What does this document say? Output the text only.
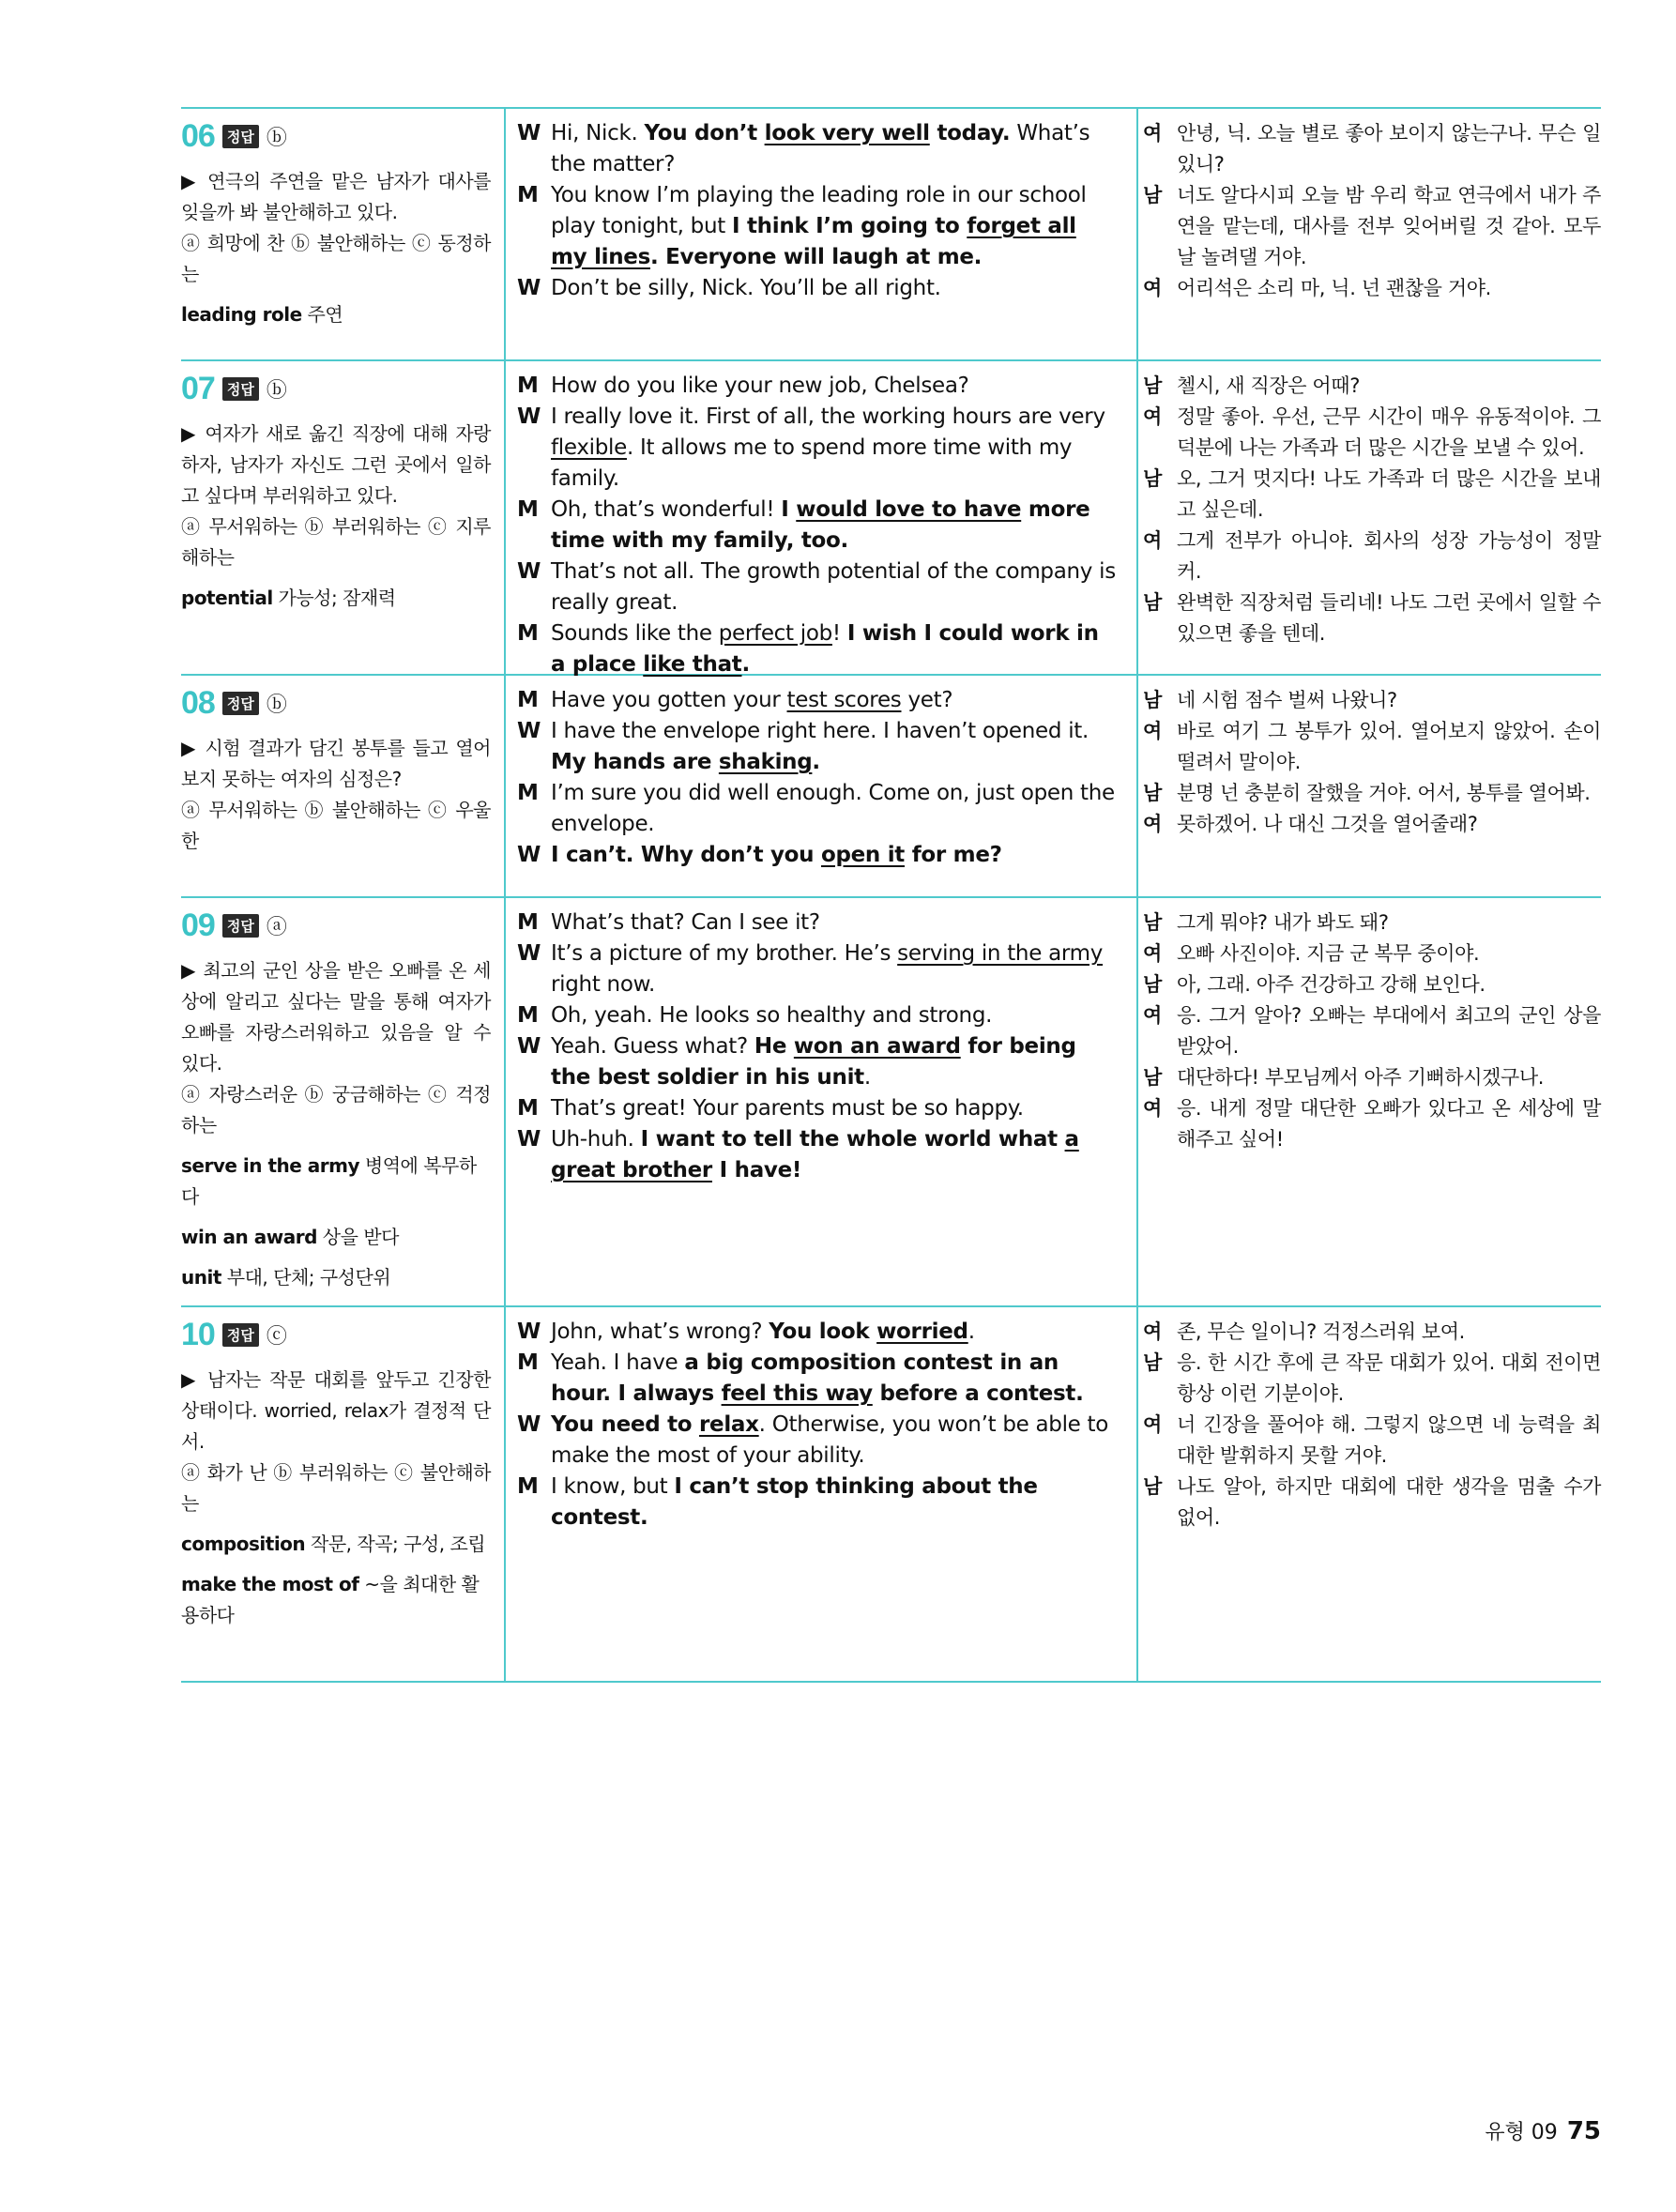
06 정답 ⓑ
▶ 연극의 주연을 맡은 남자가 대사를 잊을까 봐 불안해하고 있다.
ⓐ 희망에 찬 ⓑ 불안해하는 ⓒ 동정하는
leading role 주연
W Hi, Nick. You don’t look very well today. What’s the matter?
M You know I’m playing the leading role in our school play tonight, but I think I’m going to forget all my lines. Everyone will laugh at me.
W Don’t be silly, Nick. You’ll be all right.
여 안녕, 닉. 오늘 별로 좋아 보이지 않는구나. 무슨 일 있니?
남 너도 알다시피 오늘 밤 우리 학교 연극에서 내가 주연을 맡는데, 대사를 전부 잊어버릴 것 같아. 모두 날 놀려댈 거야.
여 어리석은 소리 마, 닉. 넌 괜찮을 거야.
07 정답 ⓑ
▶ 여자가 새로 옮긴 직장에 대해 자랑하자, 남자가 자신도 그런 곳에서 일하고 싶다며 부러워하고 있다.
ⓐ 무서워하는 ⓑ 부러워하는 ⓒ 지루해하는
potential 가능성; 잠재력
M How do you like your new job, Chelsea?
W I really love it. First of all, the working hours are very flexible. It allows me to spend more time with my family.
M Oh, that’s wonderful! I would love to have more time with my family, too.
W That’s not all. The growth potential of the company is really great.
M Sounds like the perfect job! I wish I could work in a place like that.
남 첼시, 새 직장은 어때?
여 정말 좋아. 우선, 근무 시간이 매우 유동적이야. 그 덕분에 나는 가족과 더 많은 시간을 보낼 수 있어.
남 오, 그거 멋지다! 나도 가족과 더 많은 시간을 보내고 싶은데.
여 그게 전부가 아니야. 회사의 성장 가능성이 정말 커.
남 완벽한 직장처럼 들리네! 나도 그런 곳에서 일할 수 있으면 좋을 텐데.
08 정답 ⓑ
▶ 시험 결과가 담긴 봉투를 들고 열어보지 못하는 여자의 심정은?
ⓐ 무서워하는 ⓑ 불안해하는 ⓒ 우울한
M Have you gotten your test scores yet?
W I have the envelope right here. I haven’t opened it. My hands are shaking.
M I’m sure you did well enough. Come on, just open the envelope.
W I can’t. Why don’t you open it for me?
남 네 시험 점수 벌써 나왔니?
여 바로 여기 그 봉투가 있어. 열어보지 않았어. 손이 떨려서 말이야.
남 분명 넌 충분히 잘했을 거야. 어서, 봉투를 열어봐.
여 못하겠어. 나 대신 그것을 열어줄래?
09 정답 ⓐ
▶ 최고의 군인 상을 받은 오빠를 온 세상에 알리고 싶다는 말을 통해 여자가 오빠를 자랑스러워하고 있음을 알 수 있다.
ⓐ 자랑스러운 ⓑ 궁금해하는 ⓒ 걱정하는
serve in the army 병역에 복무하다
win an award 상을 받다
unit 부대, 단체; 구성단위
M What’s that? Can I see it?
W It’s a picture of my brother. He’s serving in the army right now.
M Oh, yeah. He looks so healthy and strong.
W Yeah. Guess what? He won an award for being the best soldier in his unit.
M That’s great! Your parents must be so happy.
W Uh-huh. I want to tell the whole world what a great brother I have!
남 그게 뭐야? 내가 봐도 돼?
여 오빠 사진이야. 지금 군 복무 중이야.
남 아, 그래. 아주 건강하고 강해 보인다.
여 응. 그거 알아? 오빠는 부대에서 최고의 군인 상을 받았어.
남 대단하다! 부모님께서 아주 기뻐하시겠구나.
여 응. 내게 정말 대단한 오빠가 있다고 온 세상에 말해주고 싶어!
10 정답 ⓒ
▶ 남자는 작문 대회를 앞두고 긴장한 상태이다. worried, relax가 결정적 단서.
ⓐ 화가 난 ⓑ 부러워하는 ⓒ 불안해하는
composition 작문, 작곡; 구성, 조립
make the most of ~을 최대한 활용하다
W John, what’s wrong? You look worried.
M Yeah. I have a big composition contest in an hour. I always feel this way before a contest.
W You need to relax. Otherwise, you won’t be able to make the most of your ability.
M I know, but I can’t stop thinking about the contest.
여 존, 무슨 일이니? 걱정스러워 보여.
남 응. 한 시간 후에 큰 작문 대회가 있어. 대회 전이면 항상 이런 기분이야.
여 너 긴장을 풀어야 해. 그렇지 않으면 네 능력을 최대한 발휘하지 못할 거야.
남 나도 알아, 하지만 대회에 대한 생각을 멈출 수가 없어.
유형 09 75
